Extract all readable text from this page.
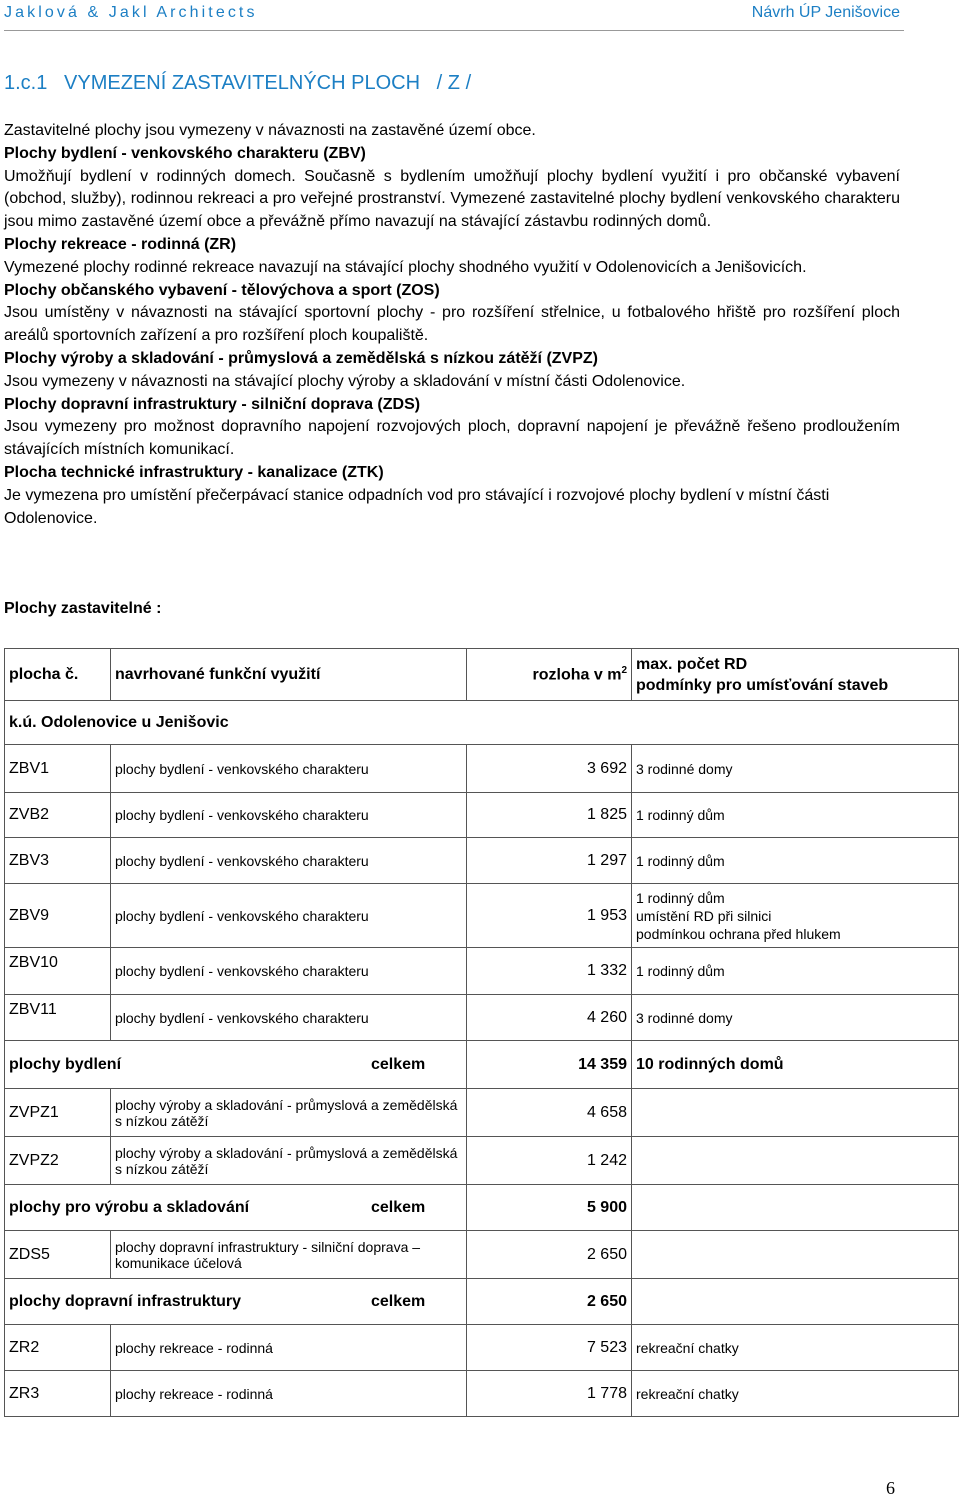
Jaklová & Jakl Architects	Návrh ÚP Jenišovice
1.c.1   VYMEZENÍ ZASTAVITELNÝCH PLOCH   / Z /

Zastavitelné plochy jsou vymezeny v návaznosti na zastavěné území obce.

Plochy bydlení - venkovského charakteru (ZBV)

Umožňují bydlení v rodinných domech. Současně s bydlením umožňují plochy bydlení využití i pro občanské vybavení (obchod, služby), rodinnou rekreaci a pro veřejné prostranství. Vymezené zastavitelné plochy bydlení venkovského charakteru jsou mimo zastavěné území obce a převážně přímo navazují na stávající zástavbu rodinných domů.

Plochy rekreace - rodinná (ZR)

Vymezené plochy rodinné rekreace navazují na stávající plochy shodného využití v Odolenovicích a Jenišovicích.

Plochy občanského vybavení - tělovýchova a sport (ZOS)

Jsou umístěny v návaznosti na stávající sportovní plochy - pro rozšíření střelnice, u fotbalového hřiště pro rozšíření ploch areálů sportovních zařízení a pro rozšíření ploch koupaliště.

Plochy výroby a skladování - průmyslová a zemědělská s nízkou zátěží (ZVPZ)

Jsou vymezeny v návaznosti na stávající plochy výroby a skladování v místní části Odolenovice.

Plochy dopravní infrastruktury - silniční doprava (ZDS)

Jsou vymezeny pro možnost dopravního napojení rozvojových ploch, dopravní napojení je převážně řešeno prodloužením stávajících místních komunikací.

Plocha technické infrastruktury - kanalizace (ZTK)

Je vymezena pro umístění přečerpávací stanice odpadních vod pro stávající i rozvojové plochy bydlení v místní části Odolenovice.

Plochy zastavitelné :
plocha č.	navrhované funkční využití	rozloha v $m^2$	max. počet RD
podmínky pro umísťování staveb
k.ú. Odolenovice u Jenišovic			
ZBV1	plochy bydlení - venkovského charakteru	3 692	3 rodinné domy
ZVB2	plochy bydlení - venkovského charakteru	1 825	1 rodinný dům
ZBV3	plochy bydlení - venkovského charakteru	1 297	1 rodinný dům
ZBV9	plochy bydlení - venkovského charakteru	1 953	1 rodinný dům
umístění RD při silnici
podmínkou ochrana před hlukem
ZBV10	plochy bydlení - venkovského charakteru	1 332	1 rodinný dům
ZBV11	plochy bydlení - venkovského charakteru	4 260	3 rodinné domy
plochy bydlení celkem		14 359	10 rodinných domů
ZVPZ1	plochy výroby a skladování - průmyslová a zemědělská s nízkou zátěží	4 658	
ZVPZ2	plochy výroby a skladování - průmyslová a zemědělská s nízkou zátěží	1 242	
plochy pro výrobu a skladování celkem		5 900	
ZDS5	plochy dopravní infrastruktury - silniční doprava – komunikace účelová	2 650	
plochy dopravní infrastruktury celkem		2 650	
ZR2	plochy rekreace - rodinná	7 523	rekreační chatky
ZR3	plochy rekreace - rodinná	1 778	rekreační chatky
6
